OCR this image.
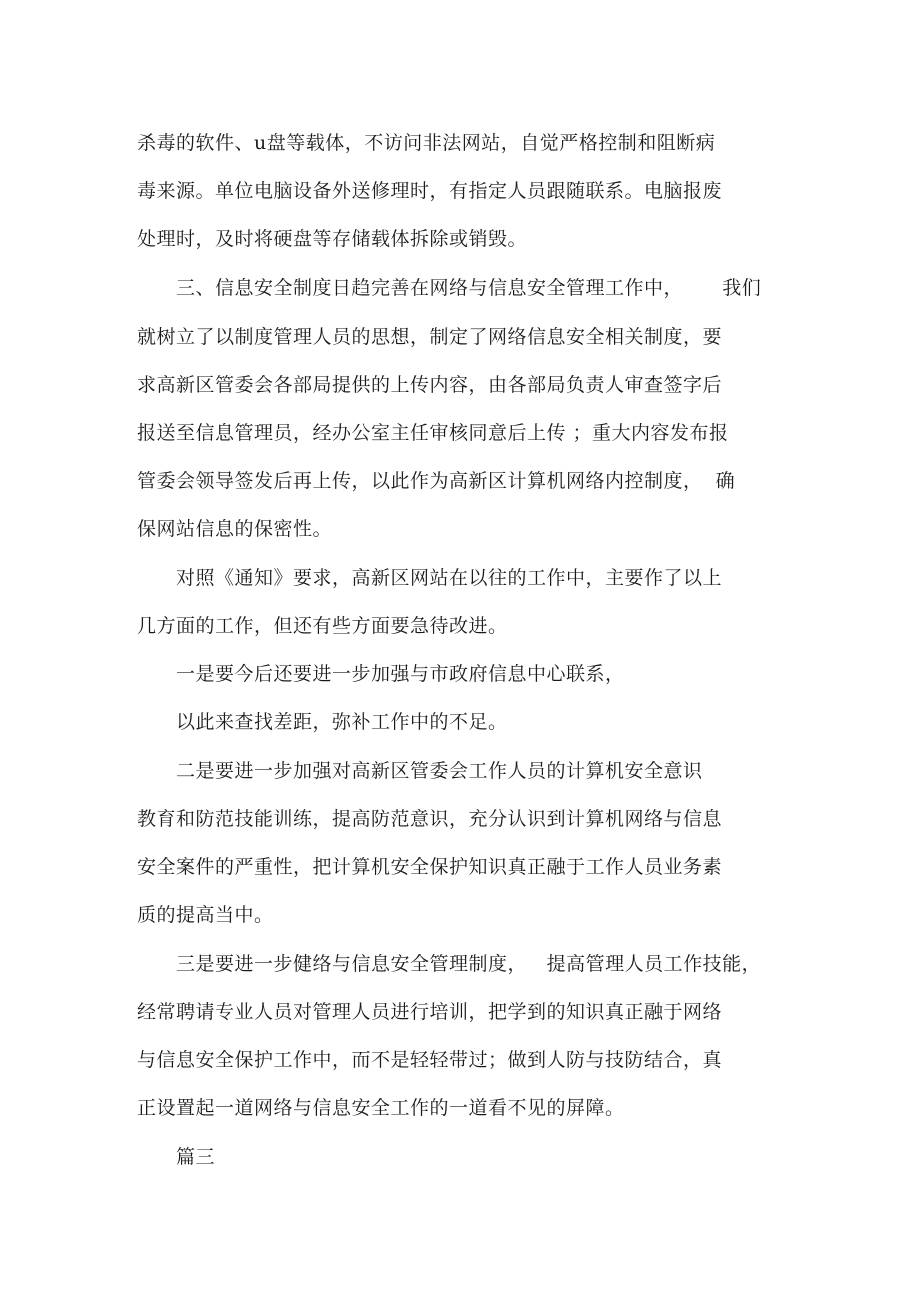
杀毒的软件、u盘等载体，不访问非法网站，自觉严格控制和阻断病
毒来源。单位电脑设备外送修理时，有指定人员跟随联系。电脑报废
处理时，及时将硬盘等存储载体拆除或销毁。
三、信息安全制度日趋完善在网络与信息安全管理工作中，      我们
就树立了以制度管理人员的思想，制定了网络信息安全相关制度，要
求高新区管委会各部局提供的上传内容，由各部局负责人审查签字后
报送至信息管理员，经办公室主任审核同意后上传 ；重大内容发布报
管委会领导签发后再上传，以此作为高新区计算机网络内控制度，  确
保网站信息的保密性。
对照《通知》要求，高新区网站在以往的工作中，主要作了以上
几方面的工作，但还有些方面要急待改进。
一是要今后还要进一步加强与市政府信息中心联系，
以此来查找差距，弥补工作中的不足。
二是要进一步加强对高新区管委会工作人员的计算机安全意识
教育和防范技能训练，提高防范意识，充分认识到计算机网络与信息
安全案件的严重性，把计算机安全保护知识真正融于工作人员业务素
质的提高当中。
三是要进一步健络与信息安全管理制度，   提高管理人员工作技能，
经常聘请专业人员对管理人员进行培训，把学到的知识真正融于网络
与信息安全保护工作中，而不是轻轻带过；做到人防与技防结合，真
正设置起一道网络与信息安全工作的一道看不见的屏障。
篇三
